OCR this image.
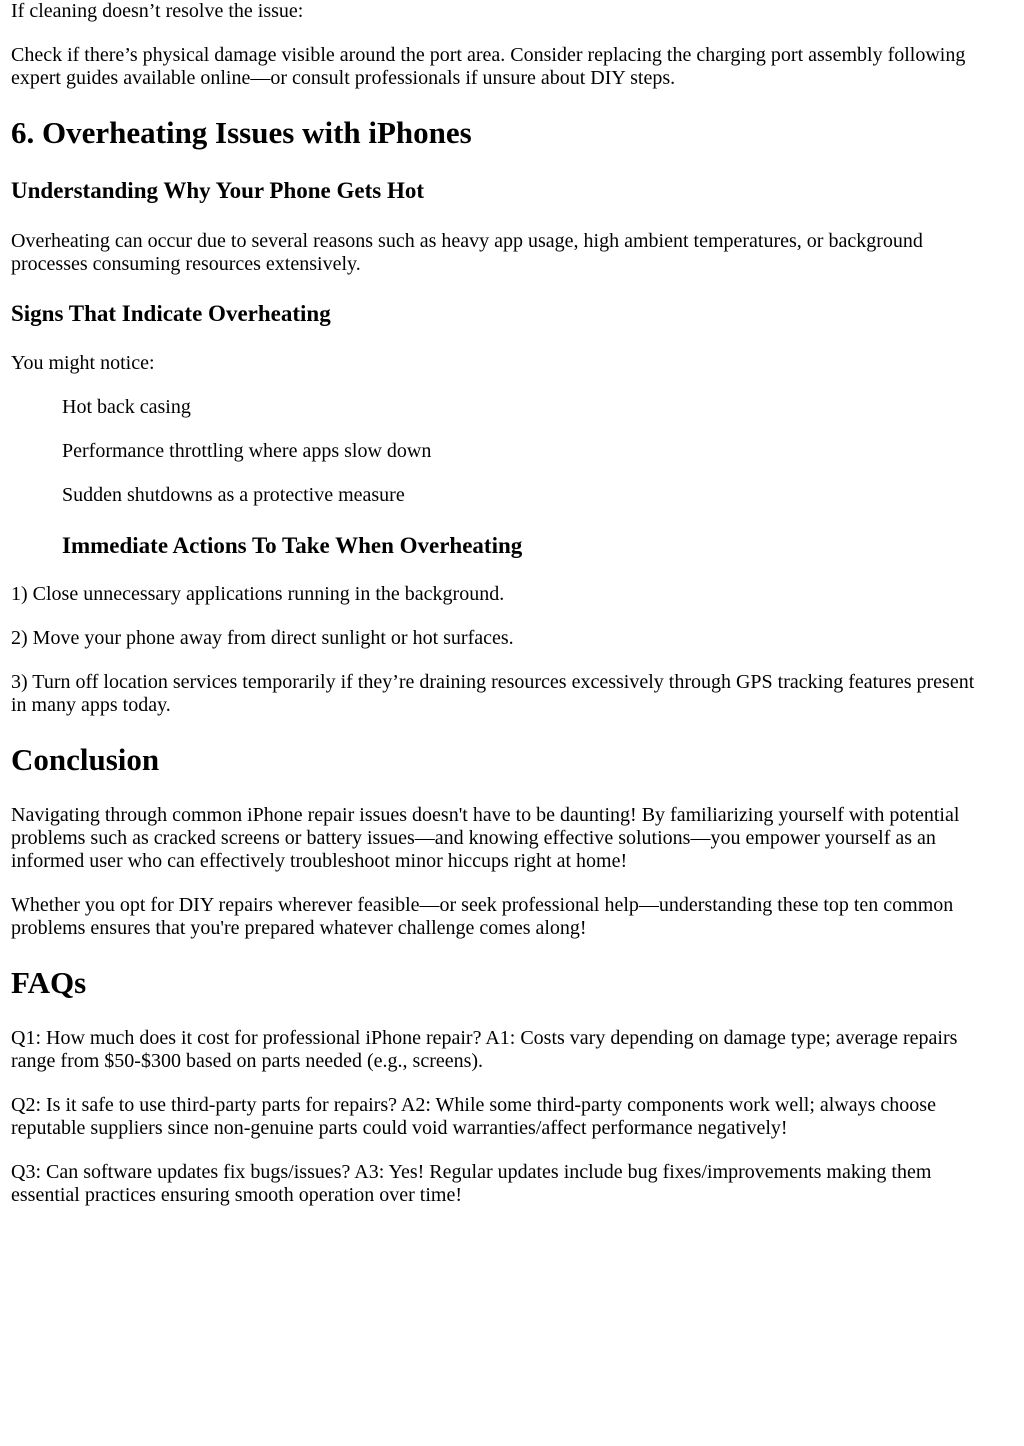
If cleaning doesn’t resolve the issue:

Check if there’s physical damage visible around the port area. Consider replacing the charging port assembly following

expert guides available online—or consult professionals if unsure about DIY steps.

6. Overheating Issues with iPhones
Understanding Why Your Phone Gets Hot

Overheating can occur due to several reasons such as heavy app usage, high ambient temperatures, or background

processes consuming resources extensively.

Signs That Indicate Overheating

You might notice:

Hot back casing

Performance throttling where apps slow down

Sudden shutdowns as a protective measure

Immediate Actions To Take When Overheating

1) Close unnecessary applications running in the background.

2) Move your phone away from direct sunlight or hot surfaces.

3) Turn off location services temporarily if they’re draining resources excessively through GPS tracking features present

in many apps today.

Conclusion

Navigating through common iPhone repair issues doesn't have to be daunting! By familiarizing yourself with potential

problems such as cracked screens or battery issues—and knowing effective solutions—you empower yourself as an

informed user who can effectively troubleshoot minor hiccups right at home!

Whether you opt for DIY repairs wherever feasible—or seek professional help—understanding these top ten common

problems ensures that you're prepared whatever challenge comes along!

FAQs

Q1: How much does it cost for professional iPhone repair? A1: Costs vary depending on damage type; average repairs

range from $50-$300 based on parts needed (e.g., screens).

Q2: Is it safe to use third-party parts for repairs? A2: While some third-party components work well; always choose

reputable suppliers since non-genuine parts could void warranties/affect performance negatively!

Q3: Can software updates fix bugs/issues? A3: Yes! Regular updates include bug fixes/improvements making them

essential practices ensuring smooth operation over time!
